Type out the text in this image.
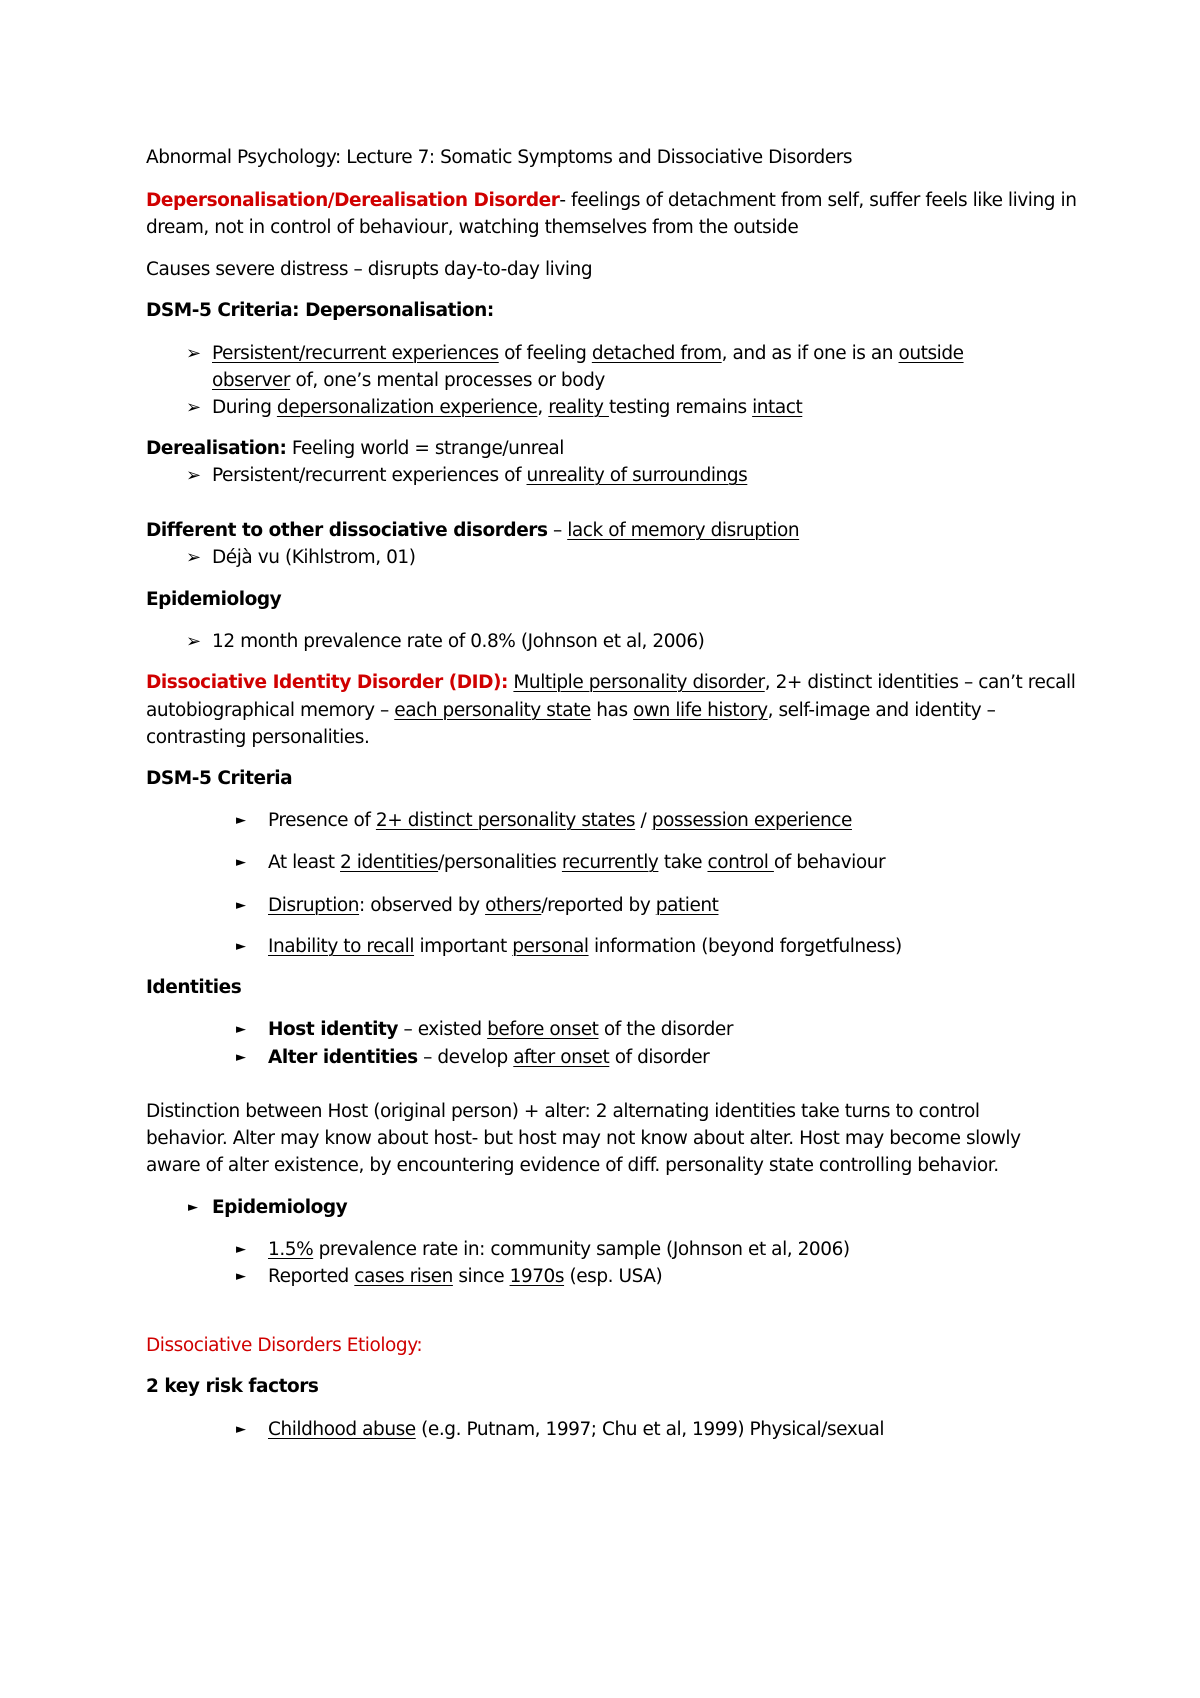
Abnormal Psychology: Lecture 7: Somatic Symptoms and Dissociative Disorders
Depersonalisation/Derealisation Disorder- feelings of detachment from self, suffer feels like living in
dream, not in control of behaviour, watching themselves from the outside
Causes severe distress – disrupts day-to-day living
DSM-5 Criteria: Depersonalisation:
➢ Persistent/recurrent experiences of feeling detached from, and as if one is an outside
observer of, one’s mental processes or body
➢ During depersonalization experience, reality testing remains intact
Derealisation: Feeling world = strange/unreal
➢ Persistent/recurrent experiences of unreality of surroundings
Different to other dissociative disorders – lack of memory disruption
➢ Déjà vu (Kihlstrom, 01)
Epidemiology
➢ 12 month prevalence rate of 0.8% (Johnson et al, 2006)
Dissociative Identity Disorder (DID): Multiple personality disorder, 2+ distinct identities – can’t recall
autobiographical memory – each personality state has own life history, self-image and identity –
contrasting personalities.
DSM-5 Criteria
►	Presence of 2+ distinct personality states / possession experience
►	At least 2 identities/personalities recurrently take control of behaviour
►	Disruption: observed by others/reported by patient
►	Inability to recall important personal information (beyond forgetfulness)
Identities
►	Host identity – existed before onset of the disorder
►	Alter identities – develop after onset of disorder
Distinction between Host (original person) + alter: 2 alternating identities take turns to control
behavior. Alter may know about host- but host may not know about alter. Host may become slowly
aware of alter existence, by encountering evidence of diff. personality state controlling behavior.
► Epidemiology
►	1.5% prevalence rate in: community sample (Johnson et al, 2006)
►	Reported cases risen since 1970s (esp. USA)
Dissociative Disorders Etiology:
2 key risk factors
►	Childhood abuse (e.g. Putnam, 1997; Chu et al, 1999) Physical/sexual
